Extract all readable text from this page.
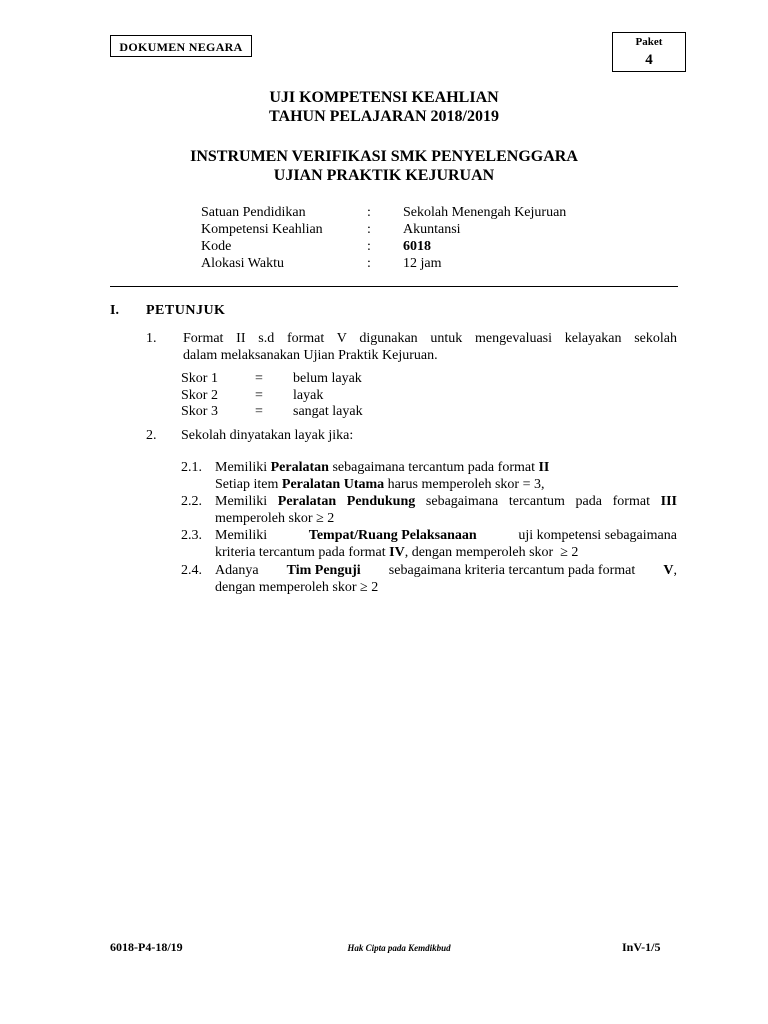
DOKUMEN NEGARA	Paket
4
UJI KOMPETENSI KEAHLIAN
TAHUN PELAJARAN 2018/2019
INSTRUMEN VERIFIKASI SMK PENYELENGGARA
UJIAN PRAKTIK KEJURUAN
Satuan Pendidikan	: Sekolah Menengah Kejuruan
Kompetensi Keahlian	: Akuntansi
Kode	: 6018
Alokasi Waktu	: 12 jam
I. PETUNJUK
1. Format II s.d format V digunakan untuk mengevaluasi kelayakan sekolah
dalam melaksanakan Ujian Praktik Kejuruan.
Skor 1	= belum layak
Skor 2	= layak
Skor 3	= sangat layak
2. Sekolah dinyatakan layak jika:
2.1. Memiliki Peralatan sebagaimana tercantum pada format II
Setiap item Peralatan Utama harus memperoleh skor = 3,
2.2. Memiliki Peralatan Pendukung sebagaimana tercantum pada format III
memperoleh skor ≥ 2
2.3. Memiliki	Tempat/Ruang Pelaksanaan	uji kompetensi sebagaimana
kriteria tercantum pada format IV, dengan memperoleh skor  ≥ 2
2.4. Adanya Tim Penguji sebagaimana kriteria tercantum pada format V,
dengan memperoleh skor ≥ 2
6018-P4-18/19	Hak Cipta pada Kemdikbud	InV-1/5
